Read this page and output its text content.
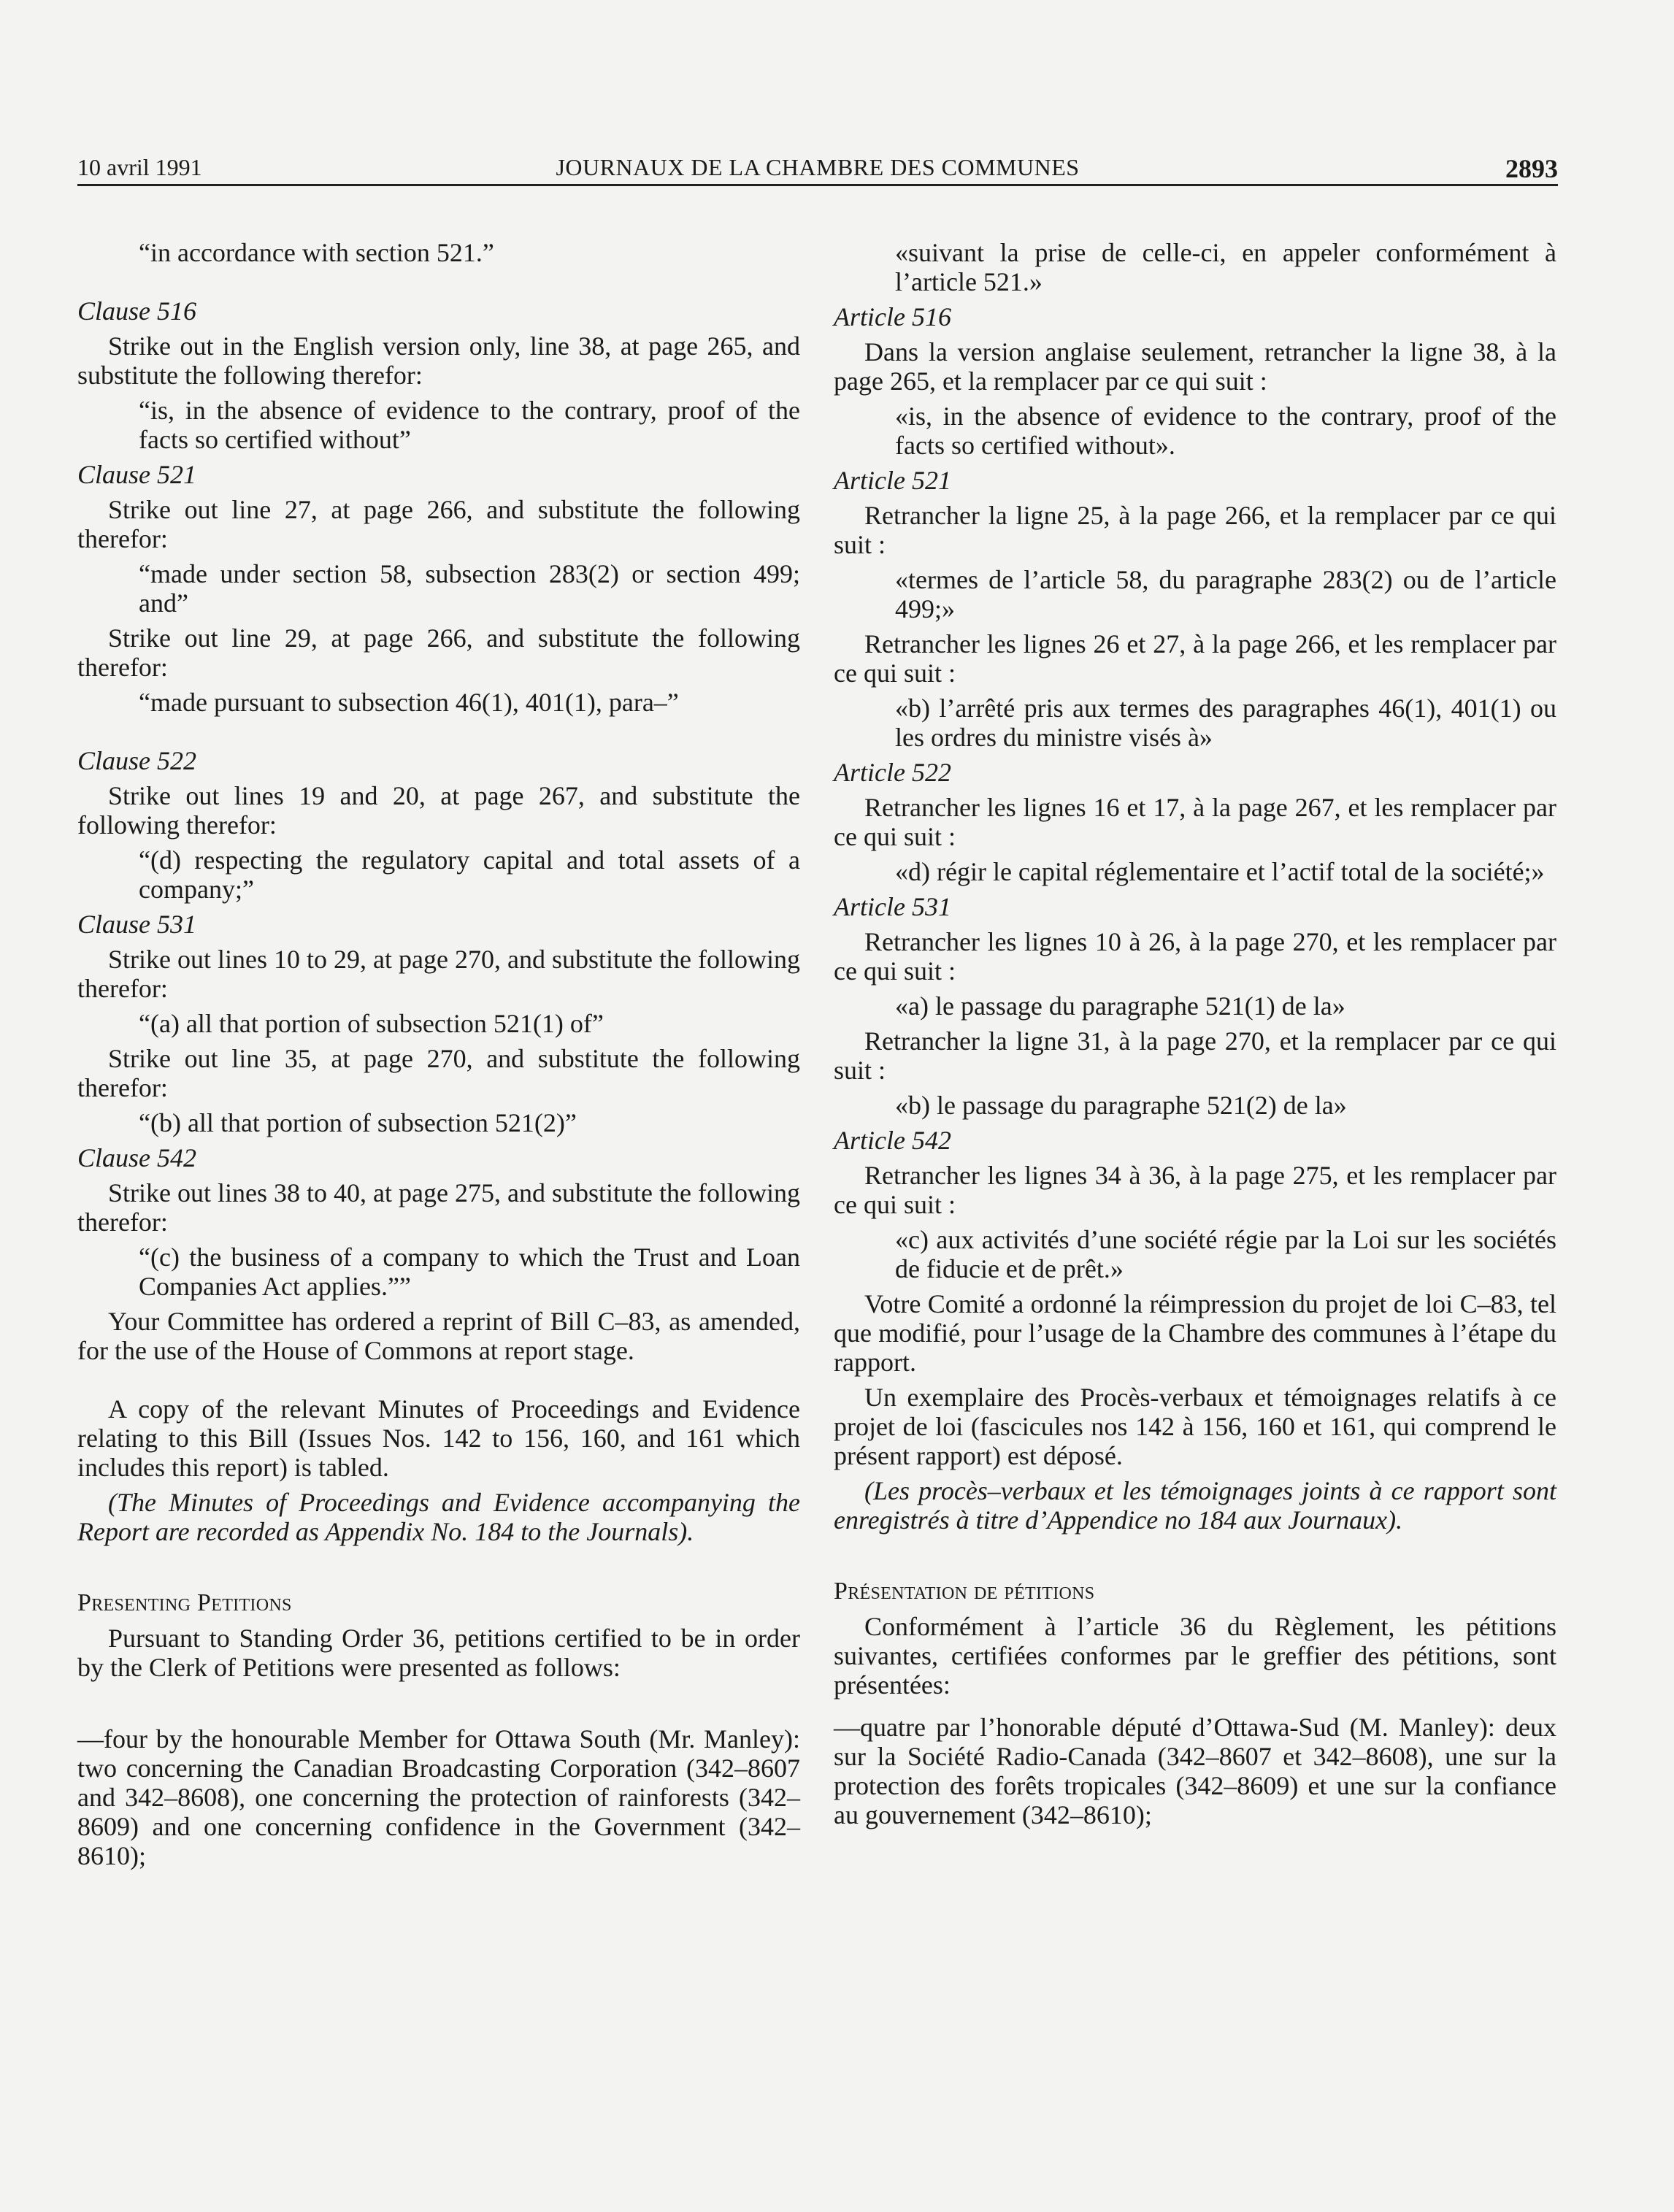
10 avril 1991	JOURNAUX DE LA CHAMBRE DES COMMUNES	2893

“in accordance with section 521.”

Clause 516

Strike out in the English version only, line 38, at page 265, and substitute the following therefor:

“is, in the absence of evidence to the contrary, proof of the facts so certified without”

Clause 521

Strike out line 27, at page 266, and substitute the following therefor:

“made under section 58, subsection 283(2) or section 499; and”

Strike out line 29, at page 266, and substitute the following therefor:

“made pursuant to subsection 46(1), 401(1), para–”

Clause 522

Strike out lines 19 and 20, at page 267, and substitute the following therefor:

“(d) respecting the regulatory capital and total assets of a company;”

Clause 531

Strike out lines 10 to 29, at page 270, and substitute the following therefor:

“(a) all that portion of subsection 521(1) of”

Strike out line 35, at page 270, and substitute the following therefor:

“(b) all that portion of subsection 521(2)”

Clause 542

Strike out lines 38 to 40, at page 275, and substitute the following therefor:

“(c) the business of a company to which the Trust and Loan Companies Act applies.””

Your Committee has ordered a reprint of Bill C–83, as amended, for the use of the House of Commons at report stage.

A copy of the relevant Minutes of Proceedings and Evidence relating to this Bill (Issues Nos. 142 to 156, 160, and 161 which includes this report) is tabled.

(The Minutes of Proceedings and Evidence accompanying the Report are recorded as Appendix No. 184 to the Journals).

Presenting Petitions

Pursuant to Standing Order 36, petitions certified to be in order by the Clerk of Petitions were presented as follows:

—four by the honourable Member for Ottawa South (Mr. Manley): two concerning the Canadian Broadcasting Corporation (342–8607 and 342–8608), one concerning the protection of rainforests (342–8609) and one concerning confidence in the Government (342–8610);

«suivant la prise de celle-ci, en appeler conformément à l’article 521.»

Article 516

Dans la version anglaise seulement, retrancher la ligne 38, à la page 265, et la remplacer par ce qui suit :

«is, in the absence of evidence to the contrary, proof of the facts so certified without».

Article 521

Retrancher la ligne 25, à la page 266, et la remplacer par ce qui suit :

«termes de l’article 58, du paragraphe 283(2) ou de l’article 499;»

Retrancher les lignes 26 et 27, à la page 266, et les remplacer par ce qui suit :

«b) l’arrêté pris aux termes des paragraphes 46(1), 401(1) ou les ordres du ministre visés à»

Article 522

Retrancher les lignes 16 et 17, à la page 267, et les remplacer par ce qui suit :

«d) régir le capital réglementaire et l’actif total de la société;»

Article 531

Retrancher les lignes 10 à 26, à la page 270, et les remplacer par ce qui suit :

«a) le passage du paragraphe 521(1) de la»

Retrancher la ligne 31, à la page 270, et la remplacer par ce qui suit :

«b) le passage du paragraphe 521(2) de la»

Article 542

Retrancher les lignes 34 à 36, à la page 275, et les remplacer par ce qui suit :

«c) aux activités d’une société régie par la Loi sur les sociétés de fiducie et de prêt.»

Votre Comité a ordonné la réimpression du projet de loi C–83, tel que modifié, pour l’usage de la Chambre des communes à l’étape du rapport.

Un exemplaire des Procès-verbaux et témoignages relatifs à ce projet de loi (fascicules nos 142 à 156, 160 et 161, qui comprend le présent rapport) est déposé.

(Les procès–verbaux et les témoignages joints à ce rapport sont enregistrés à titre d’Appendice no 184 aux Journaux).

Présentation de pétitions

Conformément à l’article 36 du Règlement, les pétitions suivantes, certifiées conformes par le greffier des pétitions, sont présentées:

—quatre par l’honorable député d’Ottawa-Sud (M. Manley): deux sur la Société Radio-Canada (342–8607 et 342–8608), une sur la protection des forêts tropicales (342–8609) et une sur la confiance au gouvernement (342–8610);
